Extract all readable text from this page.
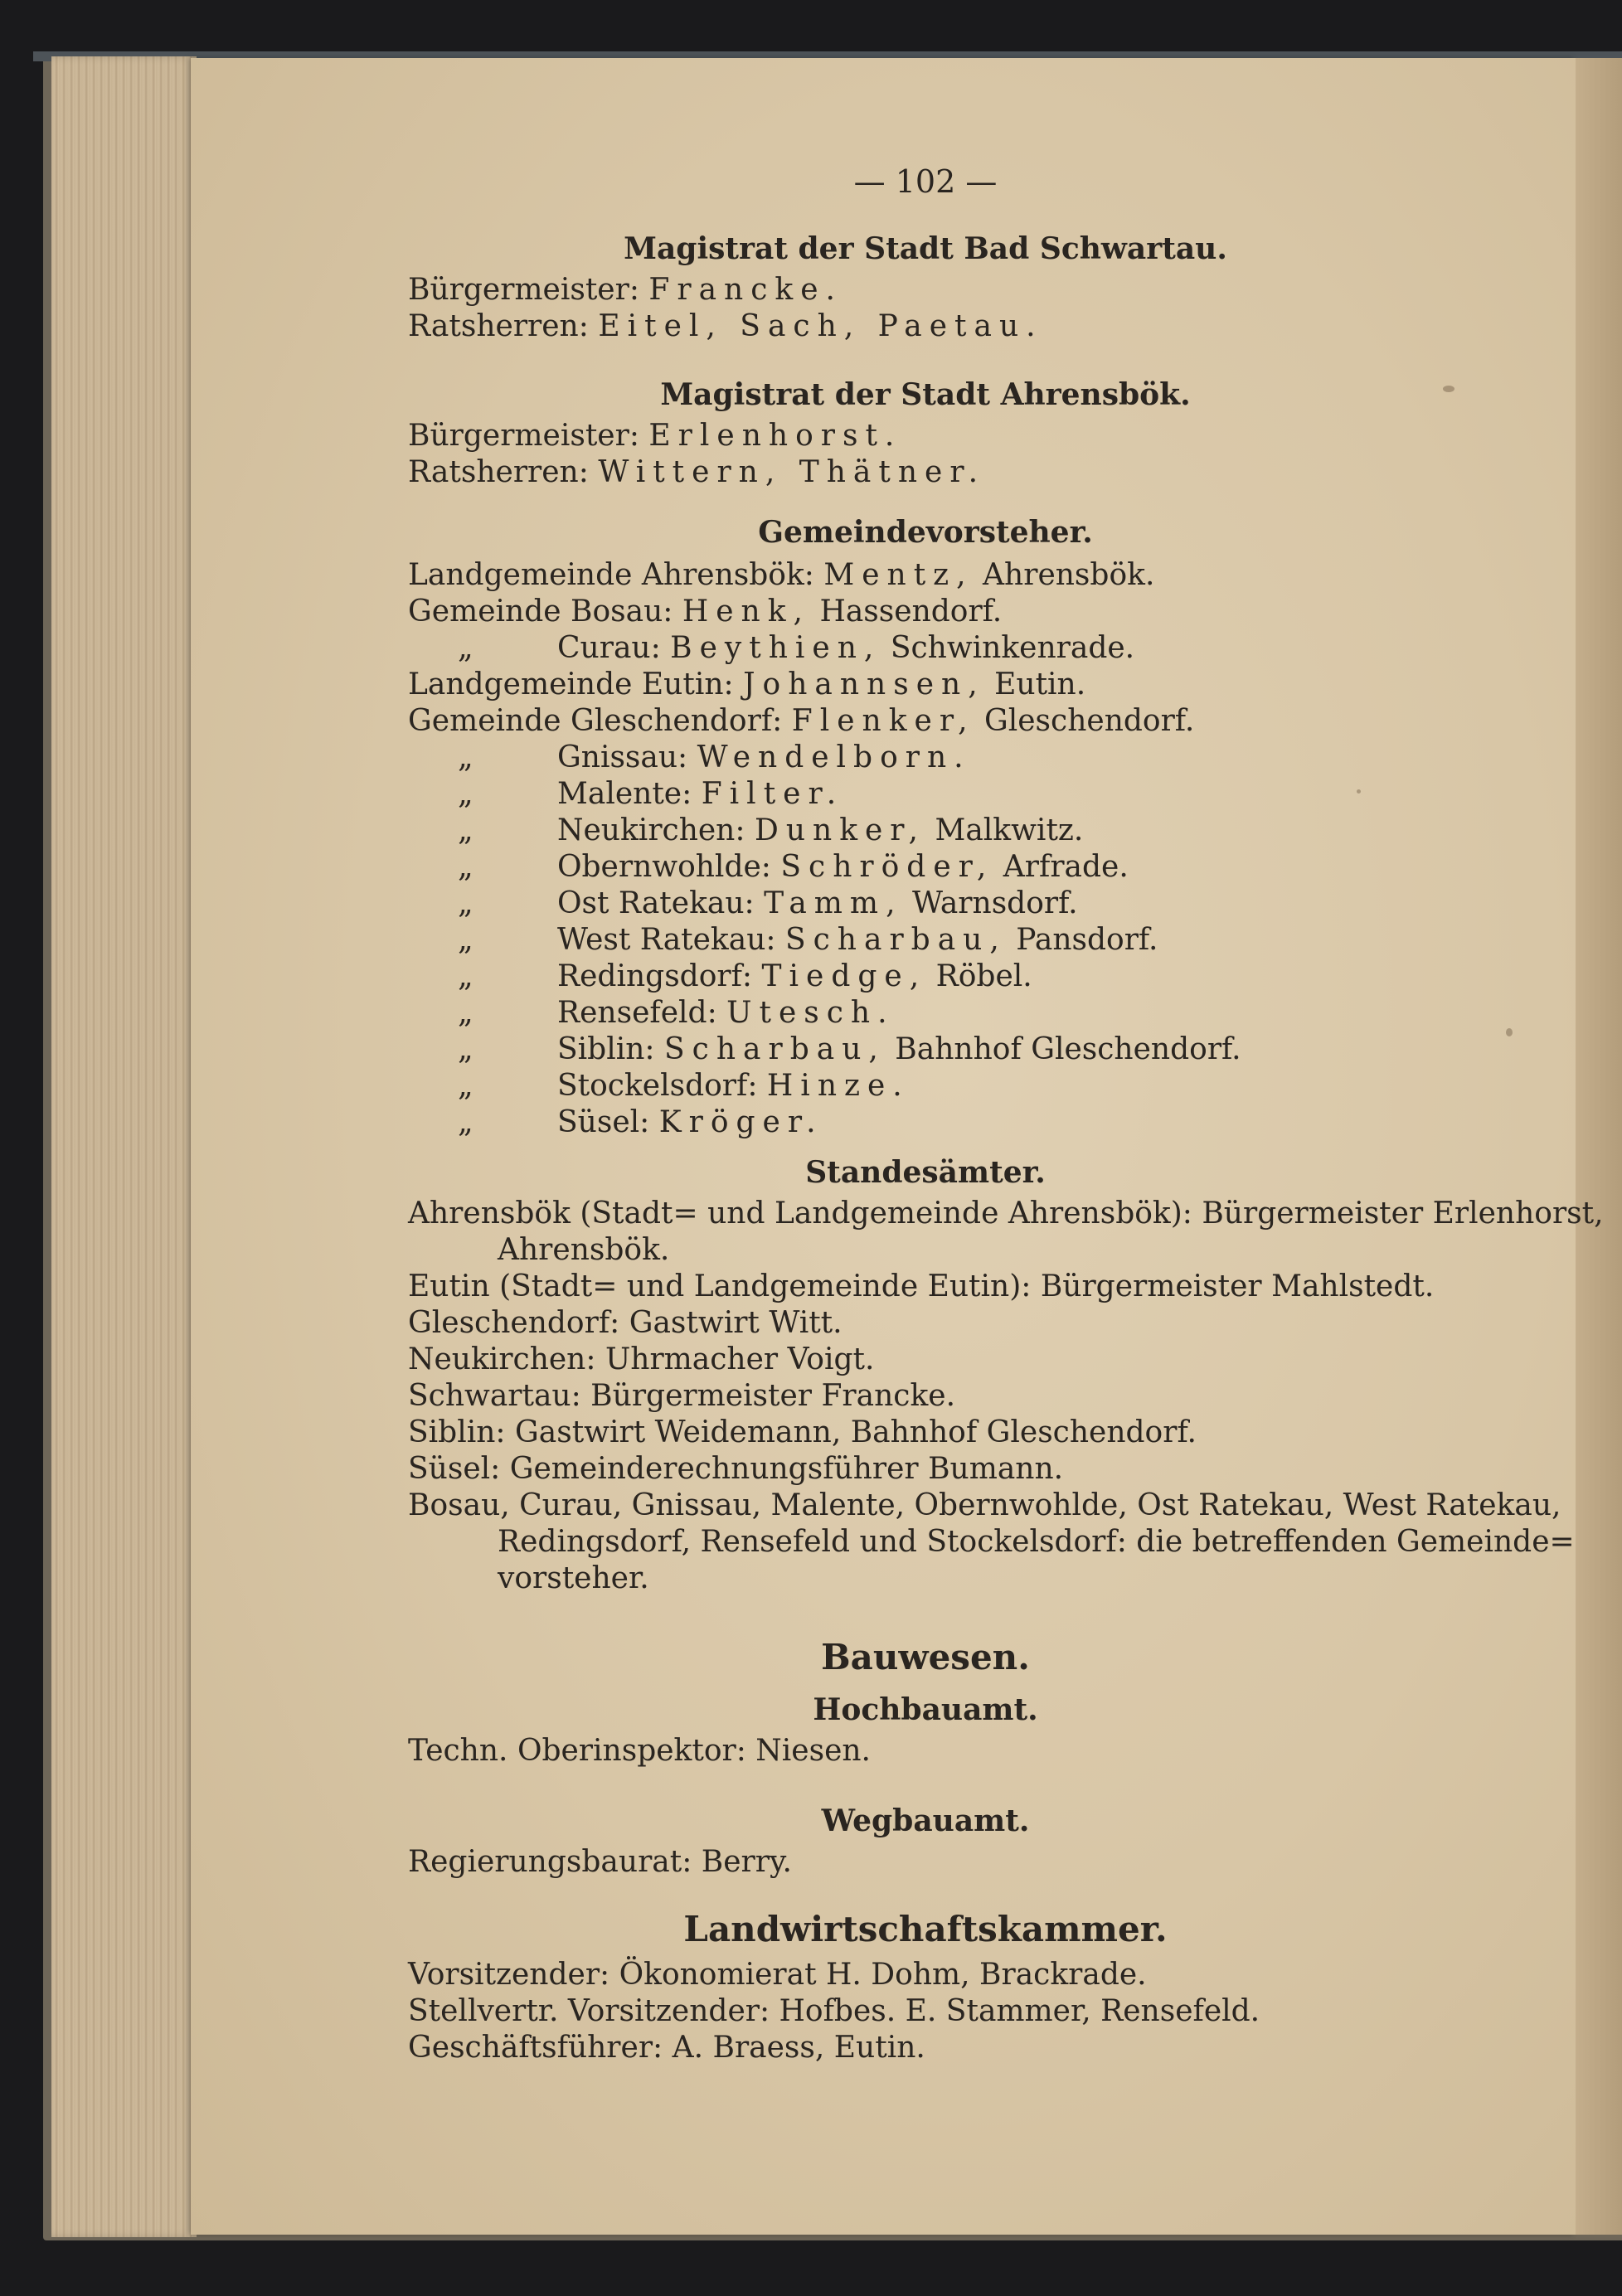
— 102 —
Magistrat der Stadt Bad Schwartau.
Bürgermeister: Francke.
Ratsherren: Eitel, Sach, Paetau.
Magistrat der Stadt Ahrensbök.
Bürgermeister: Erlenhorst.
Ratsherren: Wittern, Thätner.
Gemeindevorsteher.
Landgemeinde Ahrensbök: Mentz, Ahrensbök.
Gemeinde Bosau: Henk, Hassendorf.
„	Curau: Beythien, Schwinkenrade.
Landgemeinde Eutin: Johannsen, Eutin.
Gemeinde Gleschendorf: Flenker, Gleschendorf.
„	Gnissau: Wendelborn.
„	Malente: Filter.
„	Neukirchen: Dunker, Malkwitz.
„	Obernwohlde: Schröder, Arfrade.
„	Ost Ratekau: Tamm, Warnsdorf.
„	West Ratekau: Scharbau, Pansdorf.
„	Redingsdorf: Tiedge, Röbel.
„	Rensefeld: Utesch.
„	Siblin: Scharbau, Bahnhof Gleschendorf.
„	Stockelsdorf: Hinze.
„	Süsel: Kröger.
Standesämter.
Ahrensbök (Stadt= und Landgemeinde Ahrensbök): Bürgermeister Erlenhorst,
Ahrensbök.
Eutin (Stadt= und Landgemeinde Eutin): Bürgermeister Mahlstedt.
Gleschendorf: Gastwirt Witt.
Neukirchen: Uhrmacher Voigt.
Schwartau: Bürgermeister Francke.
Siblin: Gastwirt Weidemann, Bahnhof Gleschendorf.
Süsel: Gemeinderechnungsführer Bumann.
Bosau, Curau, Gnissau, Malente, Obernwohlde, Ost Ratekau, West Ratekau,
Redingsdorf, Rensefeld und Stockelsdorf: die betreffenden Gemeinde=
vorsteher.
Bauwesen.
Hochbauamt.
Techn. Oberinspektor: Niesen.
Wegbauamt.
Regierungsbaurat: Berry.
Landwirtschaftskammer.
Vorsitzender: Ökonomierat H. Dohm, Brackrade.
Stellvertr. Vorsitzender: Hofbes. E. Stammer, Rensefeld.
Geschäftsführer: A. Braess, Eutin.
